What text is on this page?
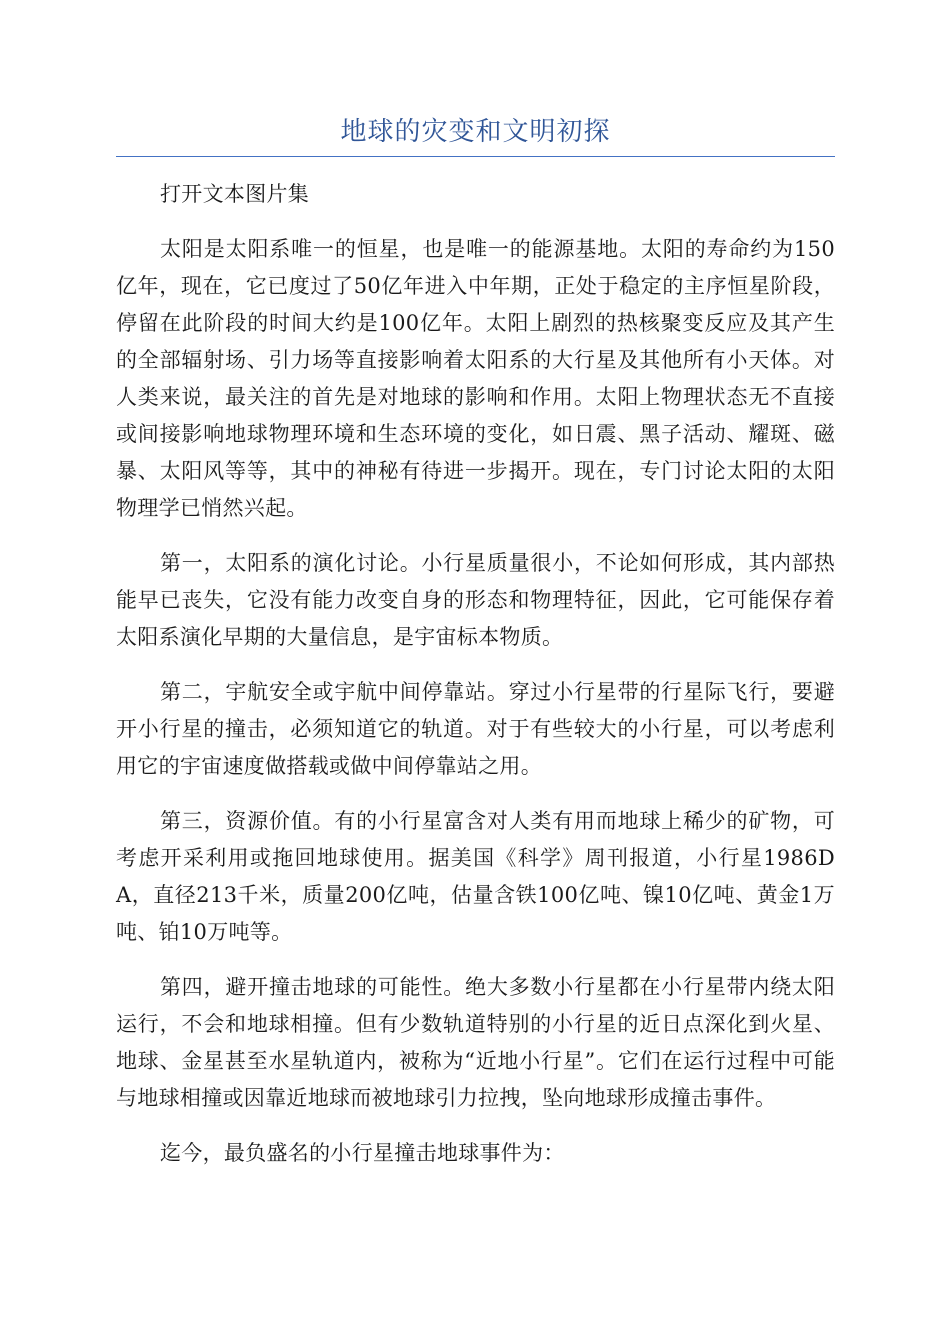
地球的灾变和文明初探

打开文本图片集

太阳是太阳系唯一的恒星，也是唯一的能源基地。太阳的寿命约为150亿年，现在，它已度过了50亿年进入中年期，正处于稳定的主序恒星阶段，停留在此阶段的时间大约是100亿年。太阳上剧烈的热核聚变反应及其产生的全部辐射场、引力场等直接影响着太阳系的大行星及其他所有小天体。对人类来说，最关注的首先是对地球的影响和作用。太阳上物理状态无不直接或间接影响地球物理环境和生态环境的变化，如日震、黑子活动、耀斑、磁暴、太阳风等等，其中的神秘有待进一步揭开。现在，专门讨论太阳的太阳物理学已悄然兴起。

第一，太阳系的演化讨论。小行星质量很小，不论如何形成，其内部热能早已丧失，它没有能力改变自身的形态和物理特征，因此，它可能保存着太阳系演化早期的大量信息，是宇宙标本物质。

第二，宇航安全或宇航中间停靠站。穿过小行星带的行星际飞行，要避开小行星的撞击，必须知道它的轨道。对于有些较大的小行星，可以考虑利用它的宇宙速度做搭载或做中间停靠站之用。

第三，资源价值。有的小行星富含对人类有用而地球上稀少的矿物，可考虑开采利用或拖回地球使用。据美国《科学》周刊报道，小行星1986DA，直径213千米，质量200亿吨，估量含铁100亿吨、镍10亿吨、黄金1万吨、铂10万吨等。

第四，避开撞击地球的可能性。绝大多数小行星都在小行星带内绕太阳运行，不会和地球相撞。但有少数轨道特别的小行星的近日点深化到火星、地球、金星甚至水星轨道内，被称为“近地小行星”。它们在运行过程中可能与地球相撞或因靠近地球而被地球引力拉拽，坠向地球形成撞击事件。

迄今，最负盛名的小行星撞击地球事件为：
